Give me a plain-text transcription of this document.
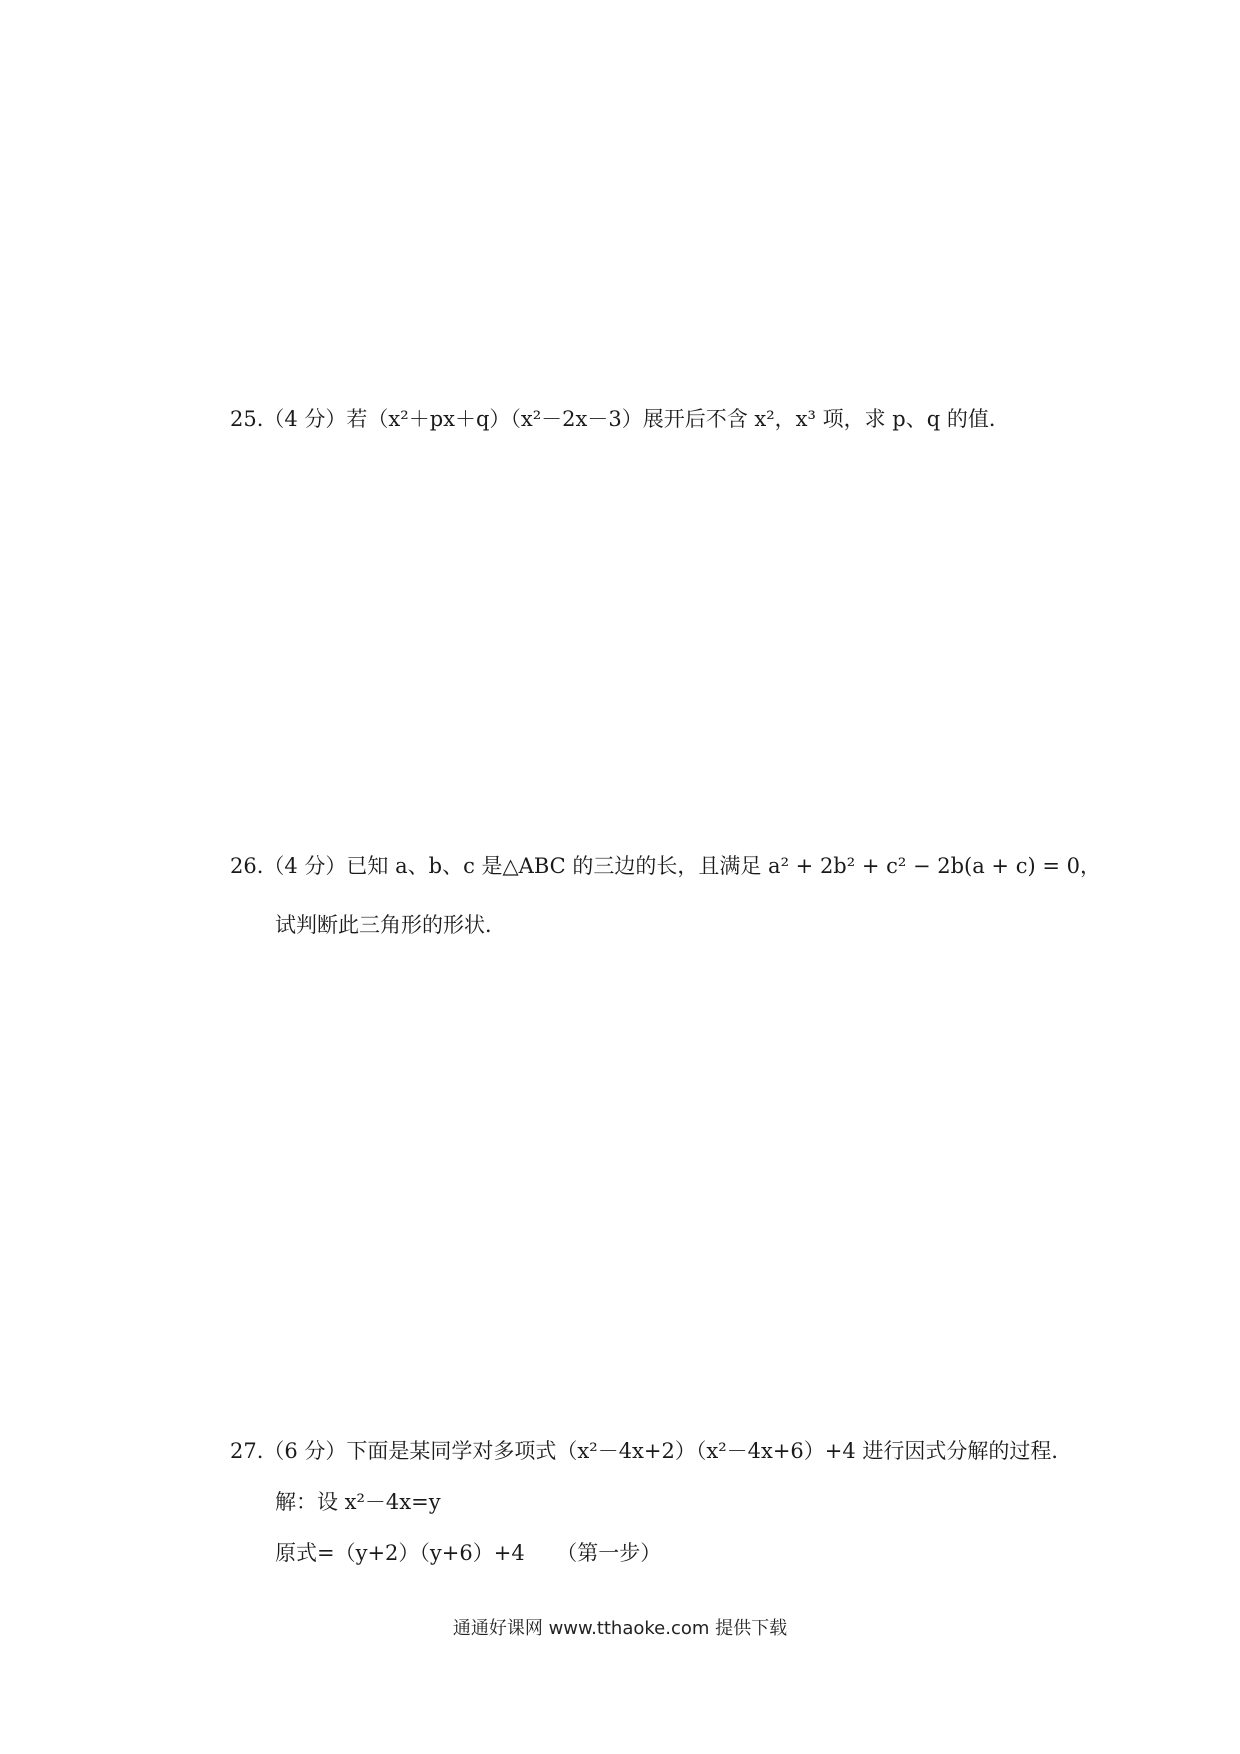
25.（4 分）若（x²＋px＋q）（x²－2x－3）展开后不含 x²，x³ 项，求 p、q 的值．
26.（4 分）已知 a、b、c 是△ABC 的三边的长，且满足 a² + 2b² + c² − 2b(a + c) = 0，
试判断此三角形的形状．
27.（6 分）下面是某同学对多项式（x²－4x+2）（x²－4x+6）+4 进行因式分解的过程．
解：设 x²－4x=y
原式=（y+2）（y+6）+4　　（第一步）
通通好课网 www.tthaoke.com 提供下载
